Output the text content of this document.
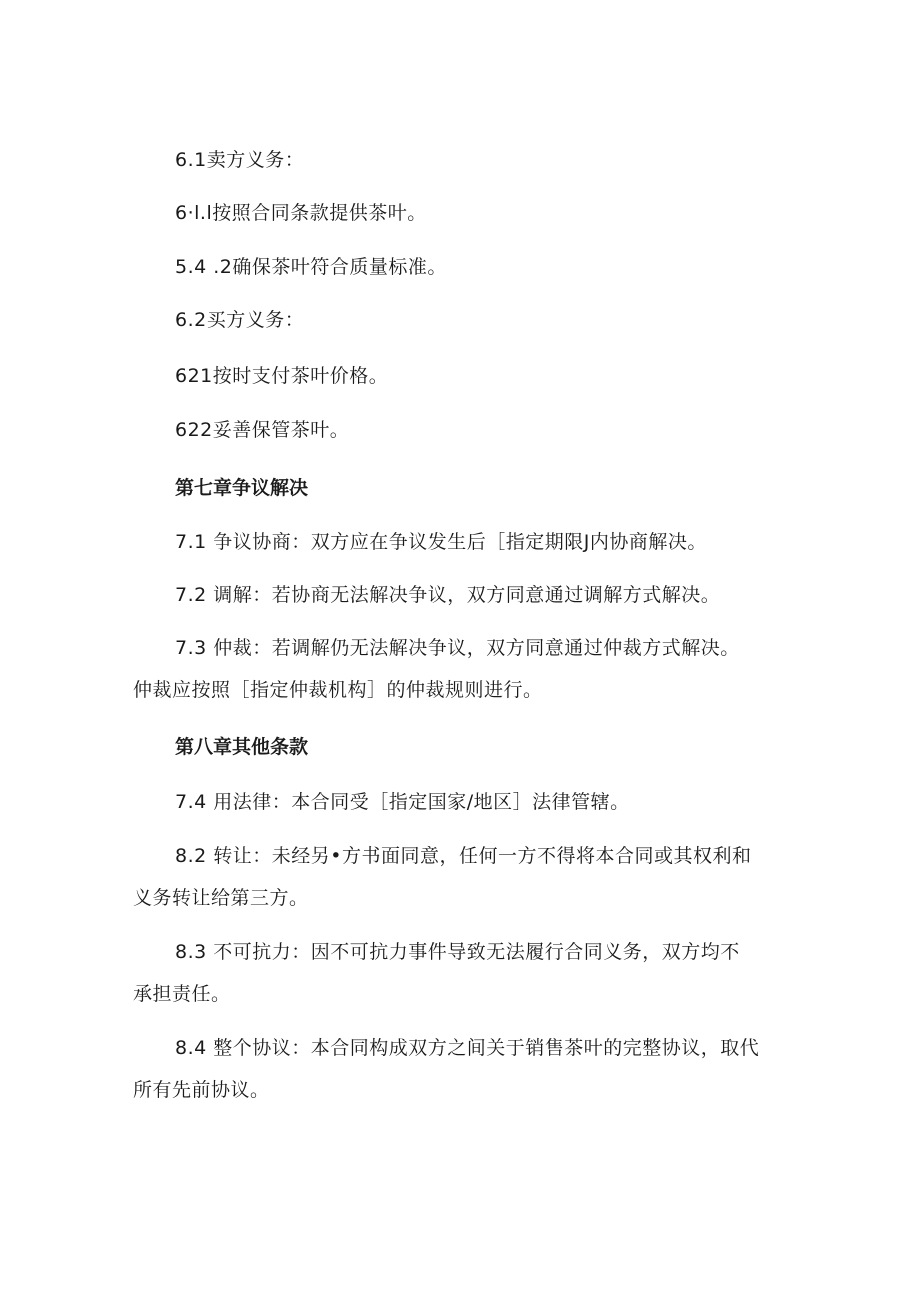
6.1卖方义务：
6·l.l按照合同条款提供茶叶。
5.4 .2确保茶叶符合质量标准。
6.2买方义务：
621按时支付茶叶价格。
622妥善保管茶叶。
第七章争议解决
7.1 争议协商：双方应在争议发生后［指定期限J内协商解决。
7.2 调解：若协商无法解决争议，双方同意通过调解方式解决。
7.3 仲裁：若调解仍无法解决争议，双方同意通过仲裁方式解决。
仲裁应按照［指定仲裁机构］的仲裁规则进行。
第八章其他条款
7.4 用法律：本合同受［指定国家/地区］法律管辖。
8.2 转让：未经另•方书面同意，任何一方不得将本合同或其权利和
义务转让给第三方。
8.3 不可抗力：因不可抗力事件导致无法履行合同义务，双方均不
承担责任。
8.4 整个协议：本合同构成双方之间关于销售茶叶的完整协议，取代
所有先前协议。
